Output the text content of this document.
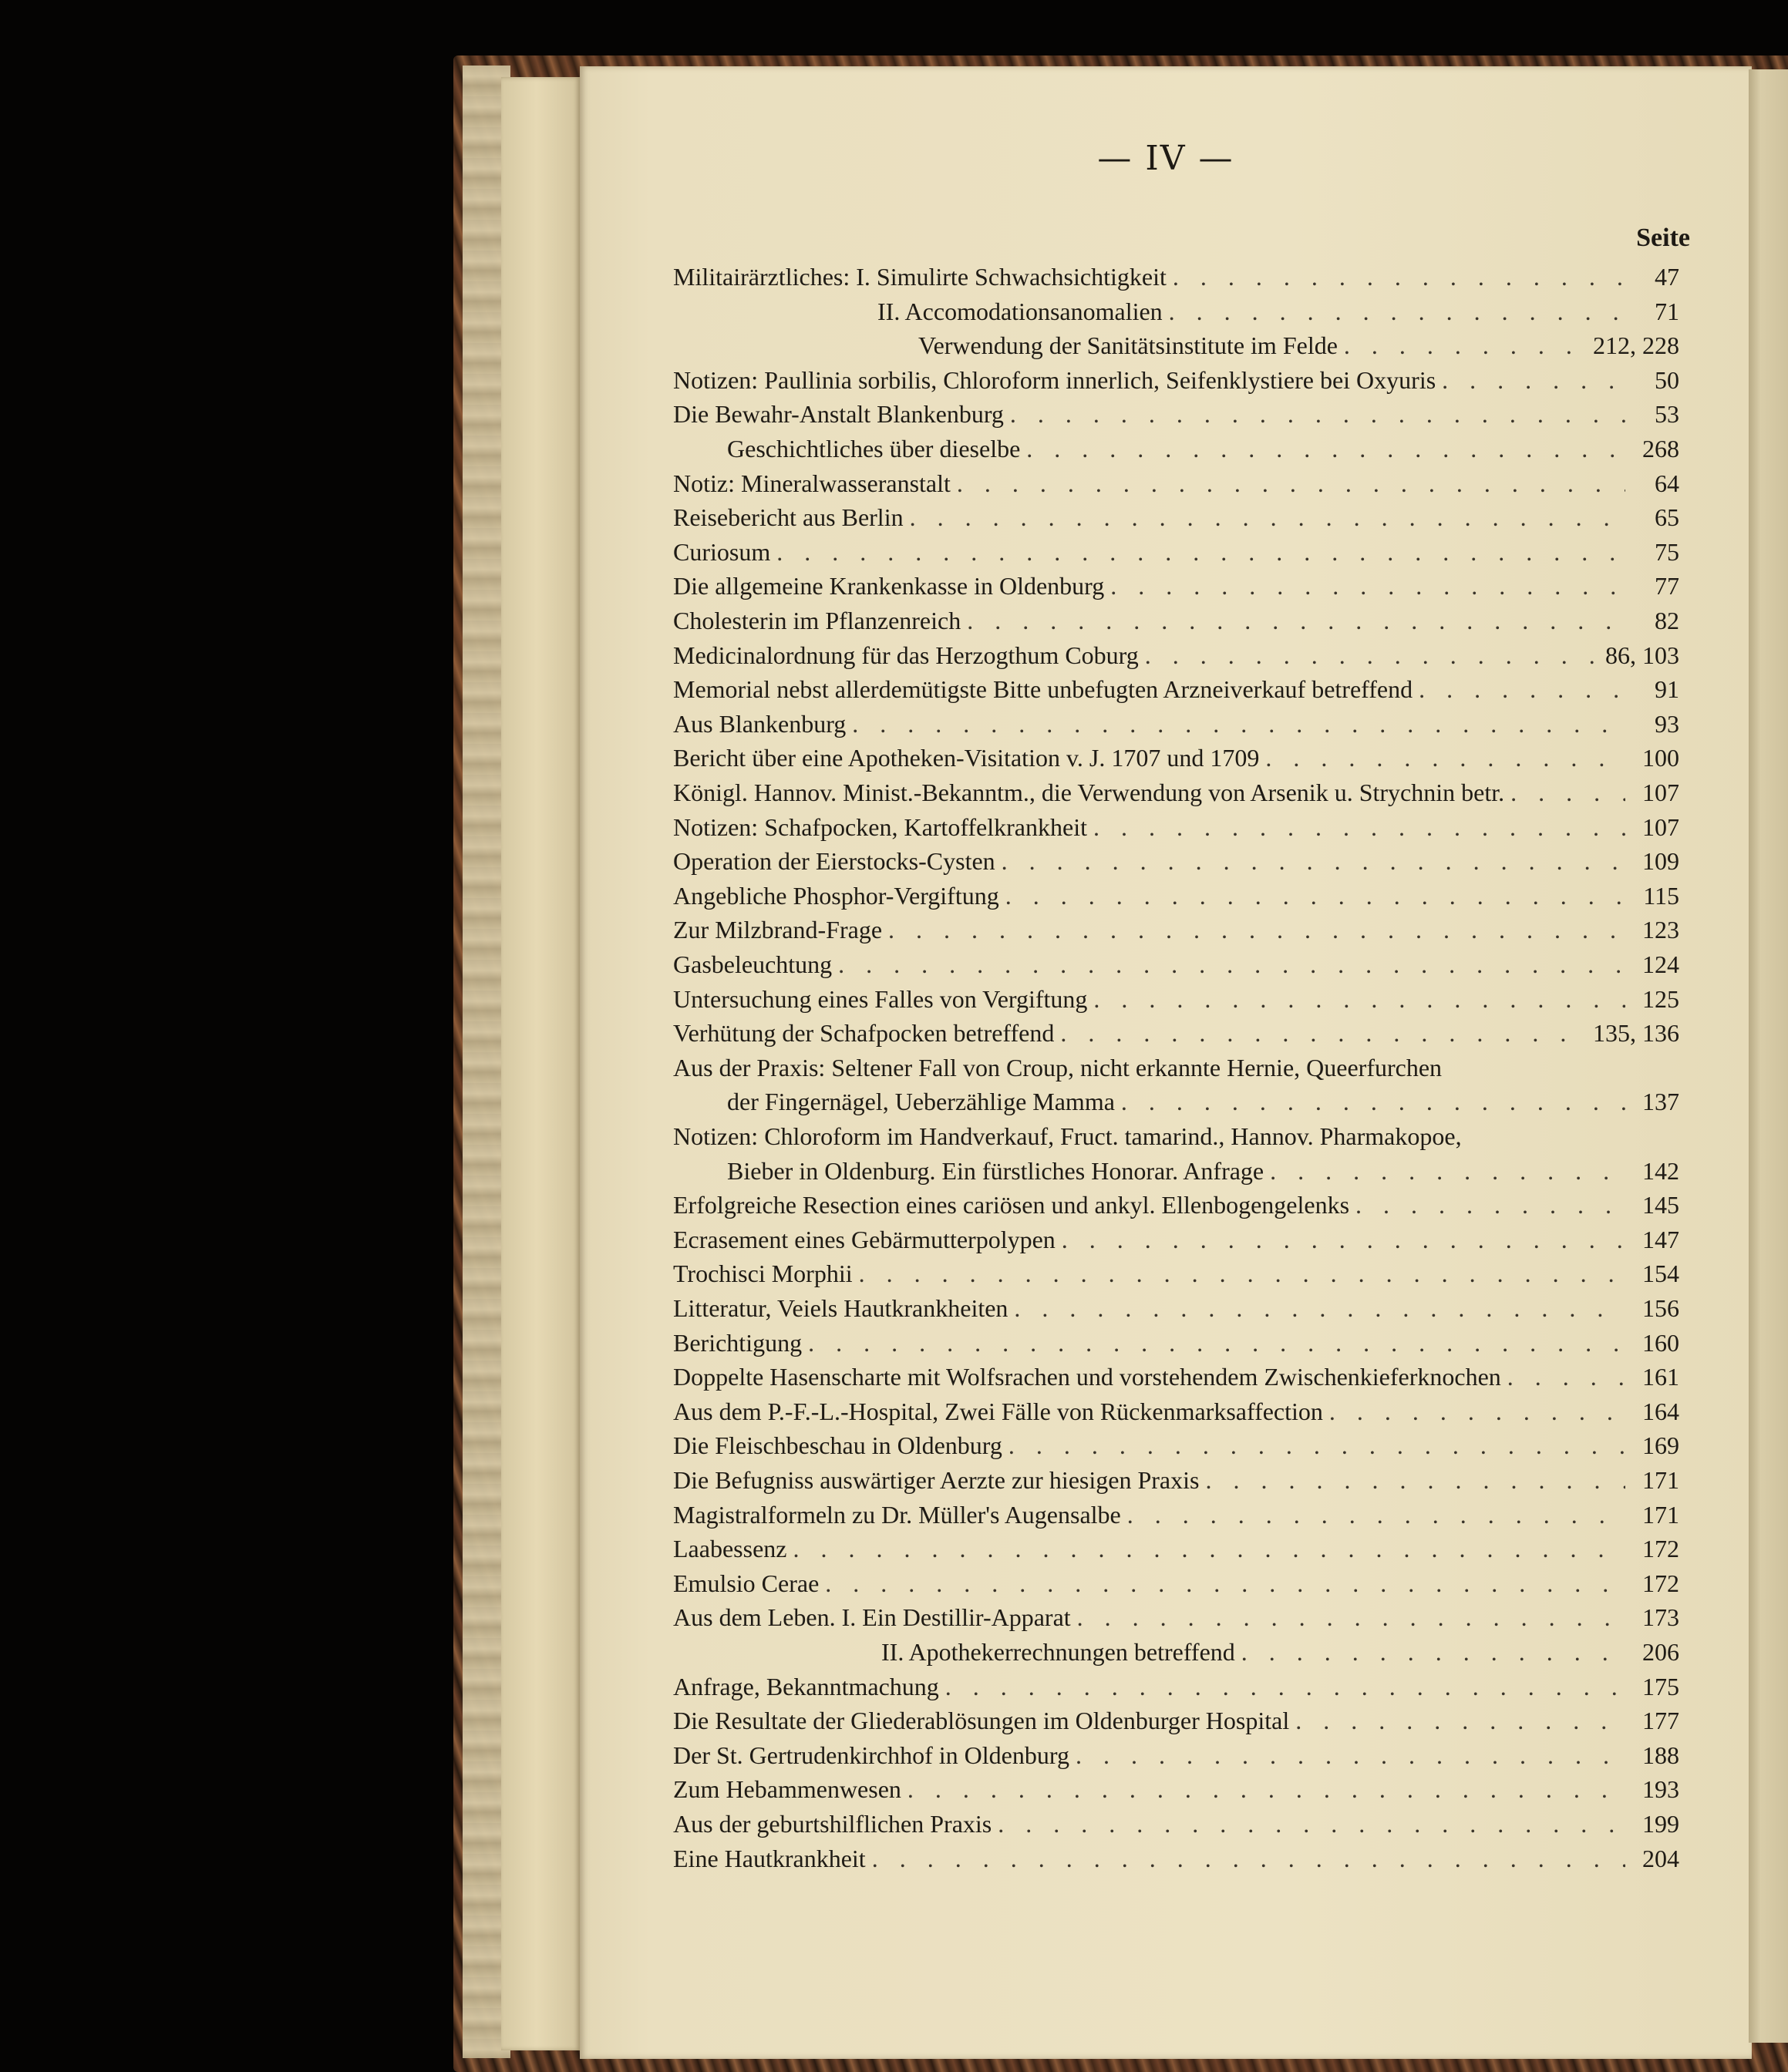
— IV —
Seite
Militairärztliches: I. Simulirte Schwachsichtigkeit . . .	47
II. Accomodationsanomalien . . .	71
Verwendung der Sanitätsinstitute im Felde . . .	212, 228
Notizen: Paullinia sorbilis, Chloroform innerlich, Seifenklystiere bei Oxyuris . . .	50
Die Bewahr-Anstalt Blankenburg . . .	53
Geschichtliches über dieselbe . . .	268
Notiz: Mineralwasseranstalt . . .	64
Reisebericht aus Berlin . . .	65
Curiosum . . .	75
Die allgemeine Krankenkasse in Oldenburg . . .	77
Cholesterin im Pflanzenreich . . .	82
Medicinalordnung für das Herzogthum Coburg . . .	86, 103
Memorial nebst allerdemütigste Bitte unbefugten Arzneiverkauf betreffend . . .	91
Aus Blankenburg . . .	93
Bericht über eine Apotheken-Visitation v. J. 1707 und 1709 . . .	100
Königl. Hannov. Minist.-Bekanntm., die Verwendung von Arsenik u. Strychnin betr. . . .	107
Notizen: Schafpocken, Kartoffelkrankheit . . .	107
Operation der Eierstocks-Cysten . . .	109
Angebliche Phosphor-Vergiftung . . .	115
Zur Milzbrand-Frage . . .	123
Gasbeleuchtung . . .	124
Untersuchung eines Falles von Vergiftung . . .	125
Verhütung der Schafpocken betreffend . . .	135, 136
Aus der Praxis: Seltener Fall von Croup, nicht erkannte Hernie, Queerfurchen
der Fingernägel, Ueberzählige Mamma . . .	137
Notizen: Chloroform im Handverkauf, Fruct. tamarind., Hannov. Pharmakopoe,
Bieber in Oldenburg. Ein fürstliches Honorar. Anfrage . . .	142
Erfolgreiche Resection eines cariösen und ankyl. Ellenbogengelenks . . .	145
Ecrasement eines Gebärmutterpolypen . . .	147
Trochisci Morphii . . .	154
Litteratur, Veiels Hautkrankheiten . . .	156
Berichtigung . . .	160
Doppelte Hasenscharte mit Wolfsrachen und vorstehendem Zwischenkieferknochen . . .	161
Aus dem P.-F.-L.-Hospital, Zwei Fälle von Rückenmarksaffection . . .	164
Die Fleischbeschau in Oldenburg . . .	169
Die Befugniss auswärtiger Aerzte zur hiesigen Praxis . . .	171
Magistralformeln zu Dr. Müller's Augensalbe . . .	171
Laabessenz . . .	172
Emulsio Cerae . . .	172
Aus dem Leben. I. Ein Destillir-Apparat . . .	173
II. Apothekerrechnungen betreffend . . .	206
Anfrage, Bekanntmachung . . .	175
Die Resultate der Gliederablösungen im Oldenburger Hospital . . .	177
Der St. Gertrudenkirchhof in Oldenburg . . .	188
Zum Hebammenwesen . . .	193
Aus der geburtshilflichen Praxis . . .	199
Eine Hautkrankheit . . .	204
